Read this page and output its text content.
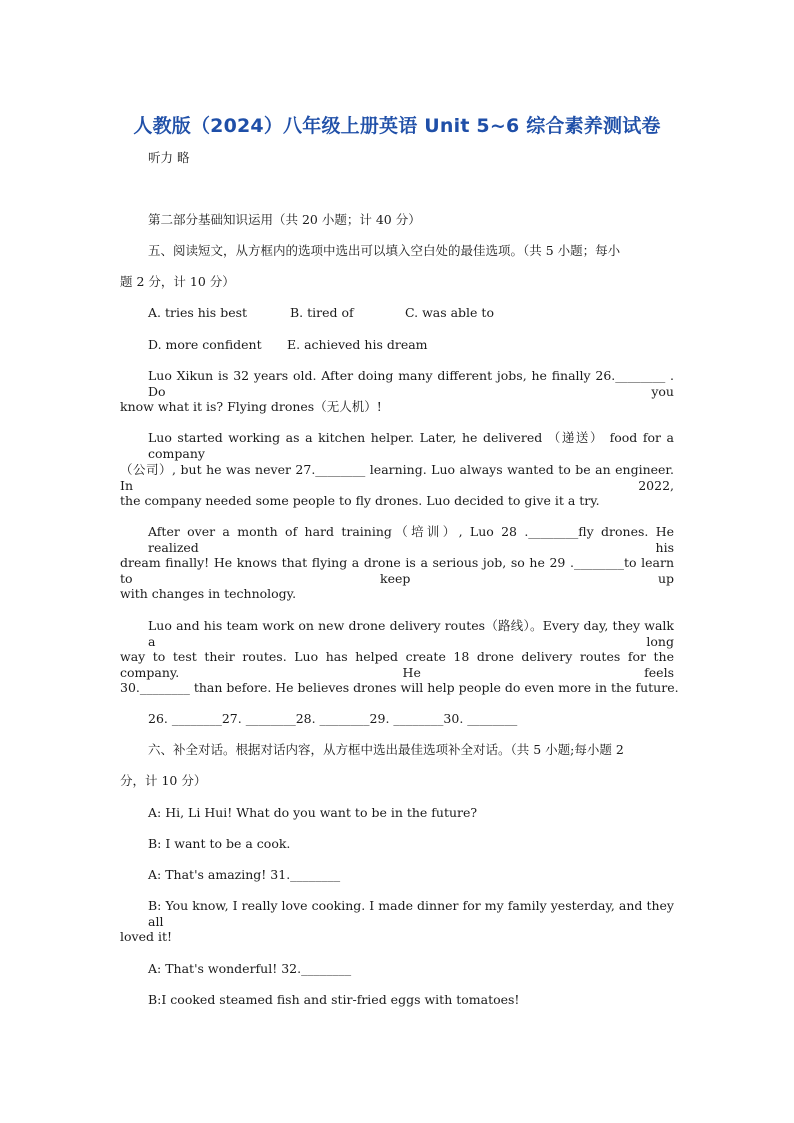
人教版（2024）八年级上册英语 Unit 5~6 综合素养测试卷
听力 略
第二部分基础知识运用（共 20 小题；计 40 分）
五、阅读短文，从方框内的选项中选出可以填入空白处的最佳选项。（共 5 小题；每小
题 2 分，计 10 分）
A. tries his best	B. tired of	C. was able to
D. more confident E. achieved his dream
Luo Xikun is 32 years old. After doing many different jobs, he finally 26.________ . Do you
know what it is? Flying drones（无人机）!
Luo started working as a kitchen helper. Later, he delivered （递送） food for a company
（公司）, but he was never 27.________ learning. Luo always wanted to be an engineer. In 2022,
the company needed some people to fly drones. Luo decided to give it a try.
After over a month of hard training（培训）, Luo 28 .________fly drones. He realized his
dream finally! He knows that flying a drone is a serious job, so he 29 .________to learn to keep up
with changes in technology.
Luo and his team work on new drone delivery routes（路线）。Every day, they walk a long
way to test their routes. Luo has helped create 18 drone delivery routes for the company. He feels
30.________ than before. He believes drones will help people do even more in the future.
26. ________27. ________28. ________29. ________30. ________
六、补全对话。根据对话内容，从方框中选出最佳选项补全对话。（共 5 小题;每小题 2
分，计 10 分）
A: Hi, Li Hui! What do you want to be in the future?
B: I want to be a cook.
A: That's amazing! 31.________
B: You know, I really love cooking. I made dinner for my family yesterday, and they all
loved it!
A: That's wonderful! 32.________
B:I cooked steamed fish and stir-fried eggs with tomatoes!
